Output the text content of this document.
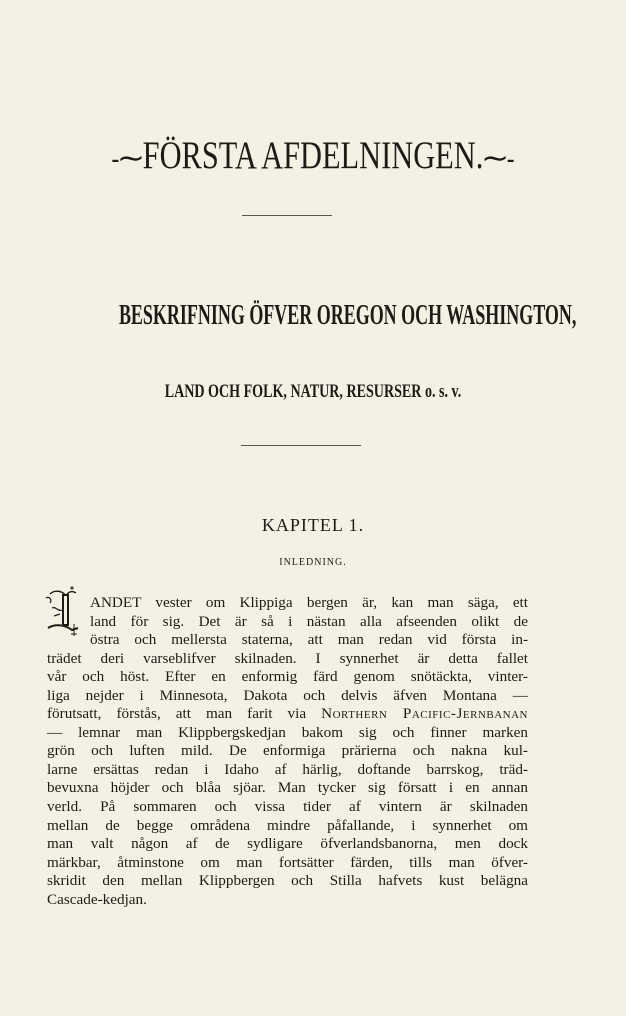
-⁓FÖRSTA AFDELNINGEN.⁓-
BESKRIFNING ÖFVER OREGON OCH WASHINGTON,
LAND OCH FOLK, NATUR, RESURSER o. s. v.
KAPITEL 1.
INLEDNING.
ANDET vester om Klippiga bergen är, kan man säga, ett
land för sig. Det är så i nästan alla afseenden olikt de
östra och mellersta staterna, att man redan vid första in-
trädet deri varseblifver skilnaden. I synnerhet är detta fallet
vår och höst. Efter en enformig färd genom snötäckta, vinter-
liga nejder i Minnesota, Dakota och delvis äfven Montana —
förutsatt, förstås, att man farit via Northern Pacific-Jernbanan
— lemnar man Klippbergskedjan bakom sig och finner marken
grön och luften mild. De enformiga prärierna och nakna kul-
larne ersättas redan i Idaho af härlig, doftande barrskog, träd-
bevuxna höjder och blåa sjöar. Man tycker sig försatt i en annan
verld. På sommaren och vissa tider af vintern är skilnaden
mellan de begge områdena mindre påfallande, i synnerhet om
man valt någon af de sydligare öfverlandsbanorna, men dock
märkbar, åtminstone om man fortsätter färden, tills man öfver-
skridit den mellan Klippbergen och Stilla hafvets kust belägna
Cascade-kedjan.
